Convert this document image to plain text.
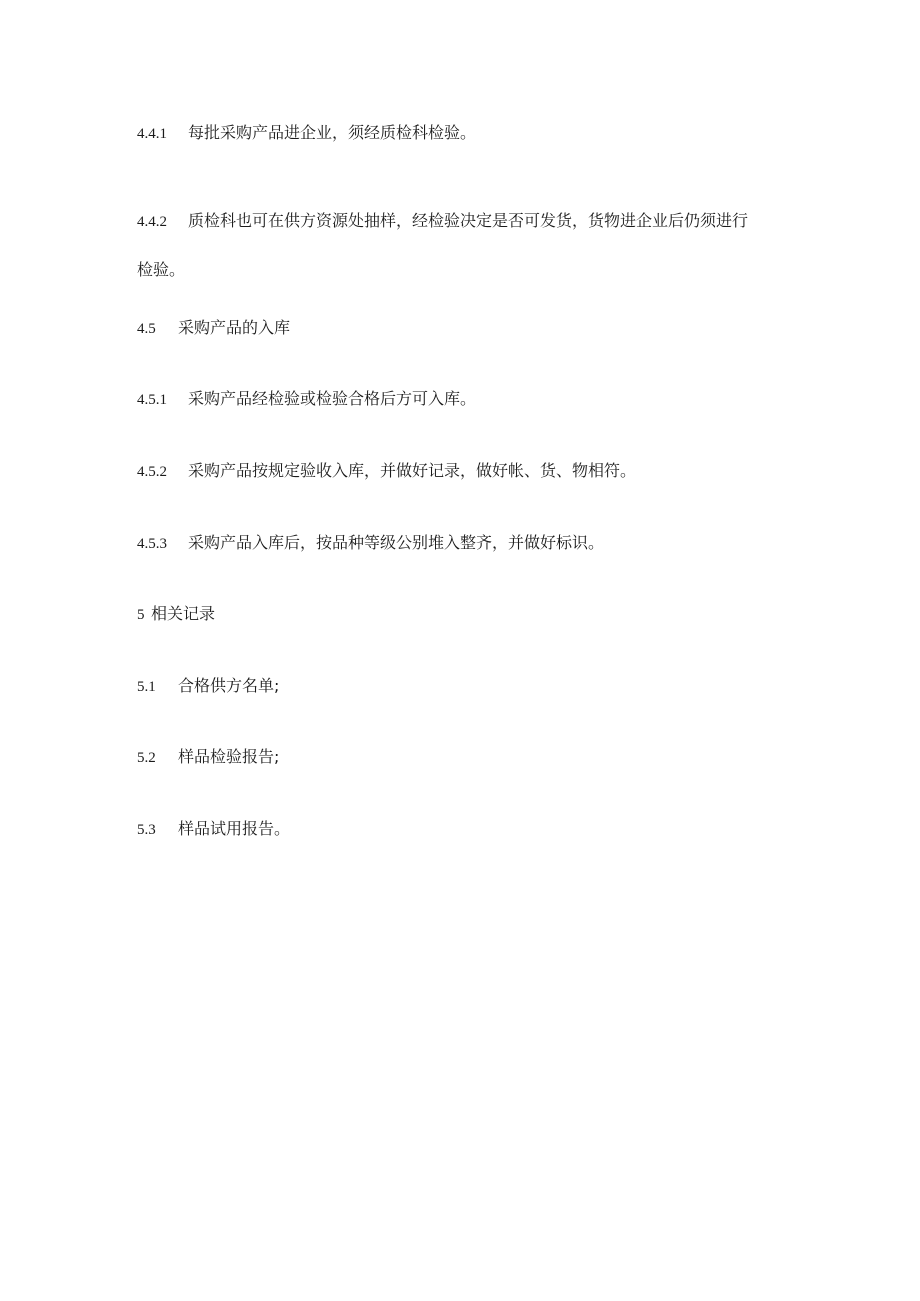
4.4.1 每批采购产品进企业，须经质检科检验。
4.4.2 质检科也可在供方资源处抽样，经检验决定是否可发货，货物进企业后仍须进行
检验。
4.5 采购产品的入库
4.5.1 采购产品经检验或检验合格后方可入库。
4.5.2 采购产品按规定验收入库，并做好记录，做好帐、货、物相符。
4.5.3 采购产品入库后，按品种等级公别堆入整齐，并做好标识。
5 相关记录
5.1 合格供方名单;
5.2 样品检验报告;
5.3 样品试用报告。
